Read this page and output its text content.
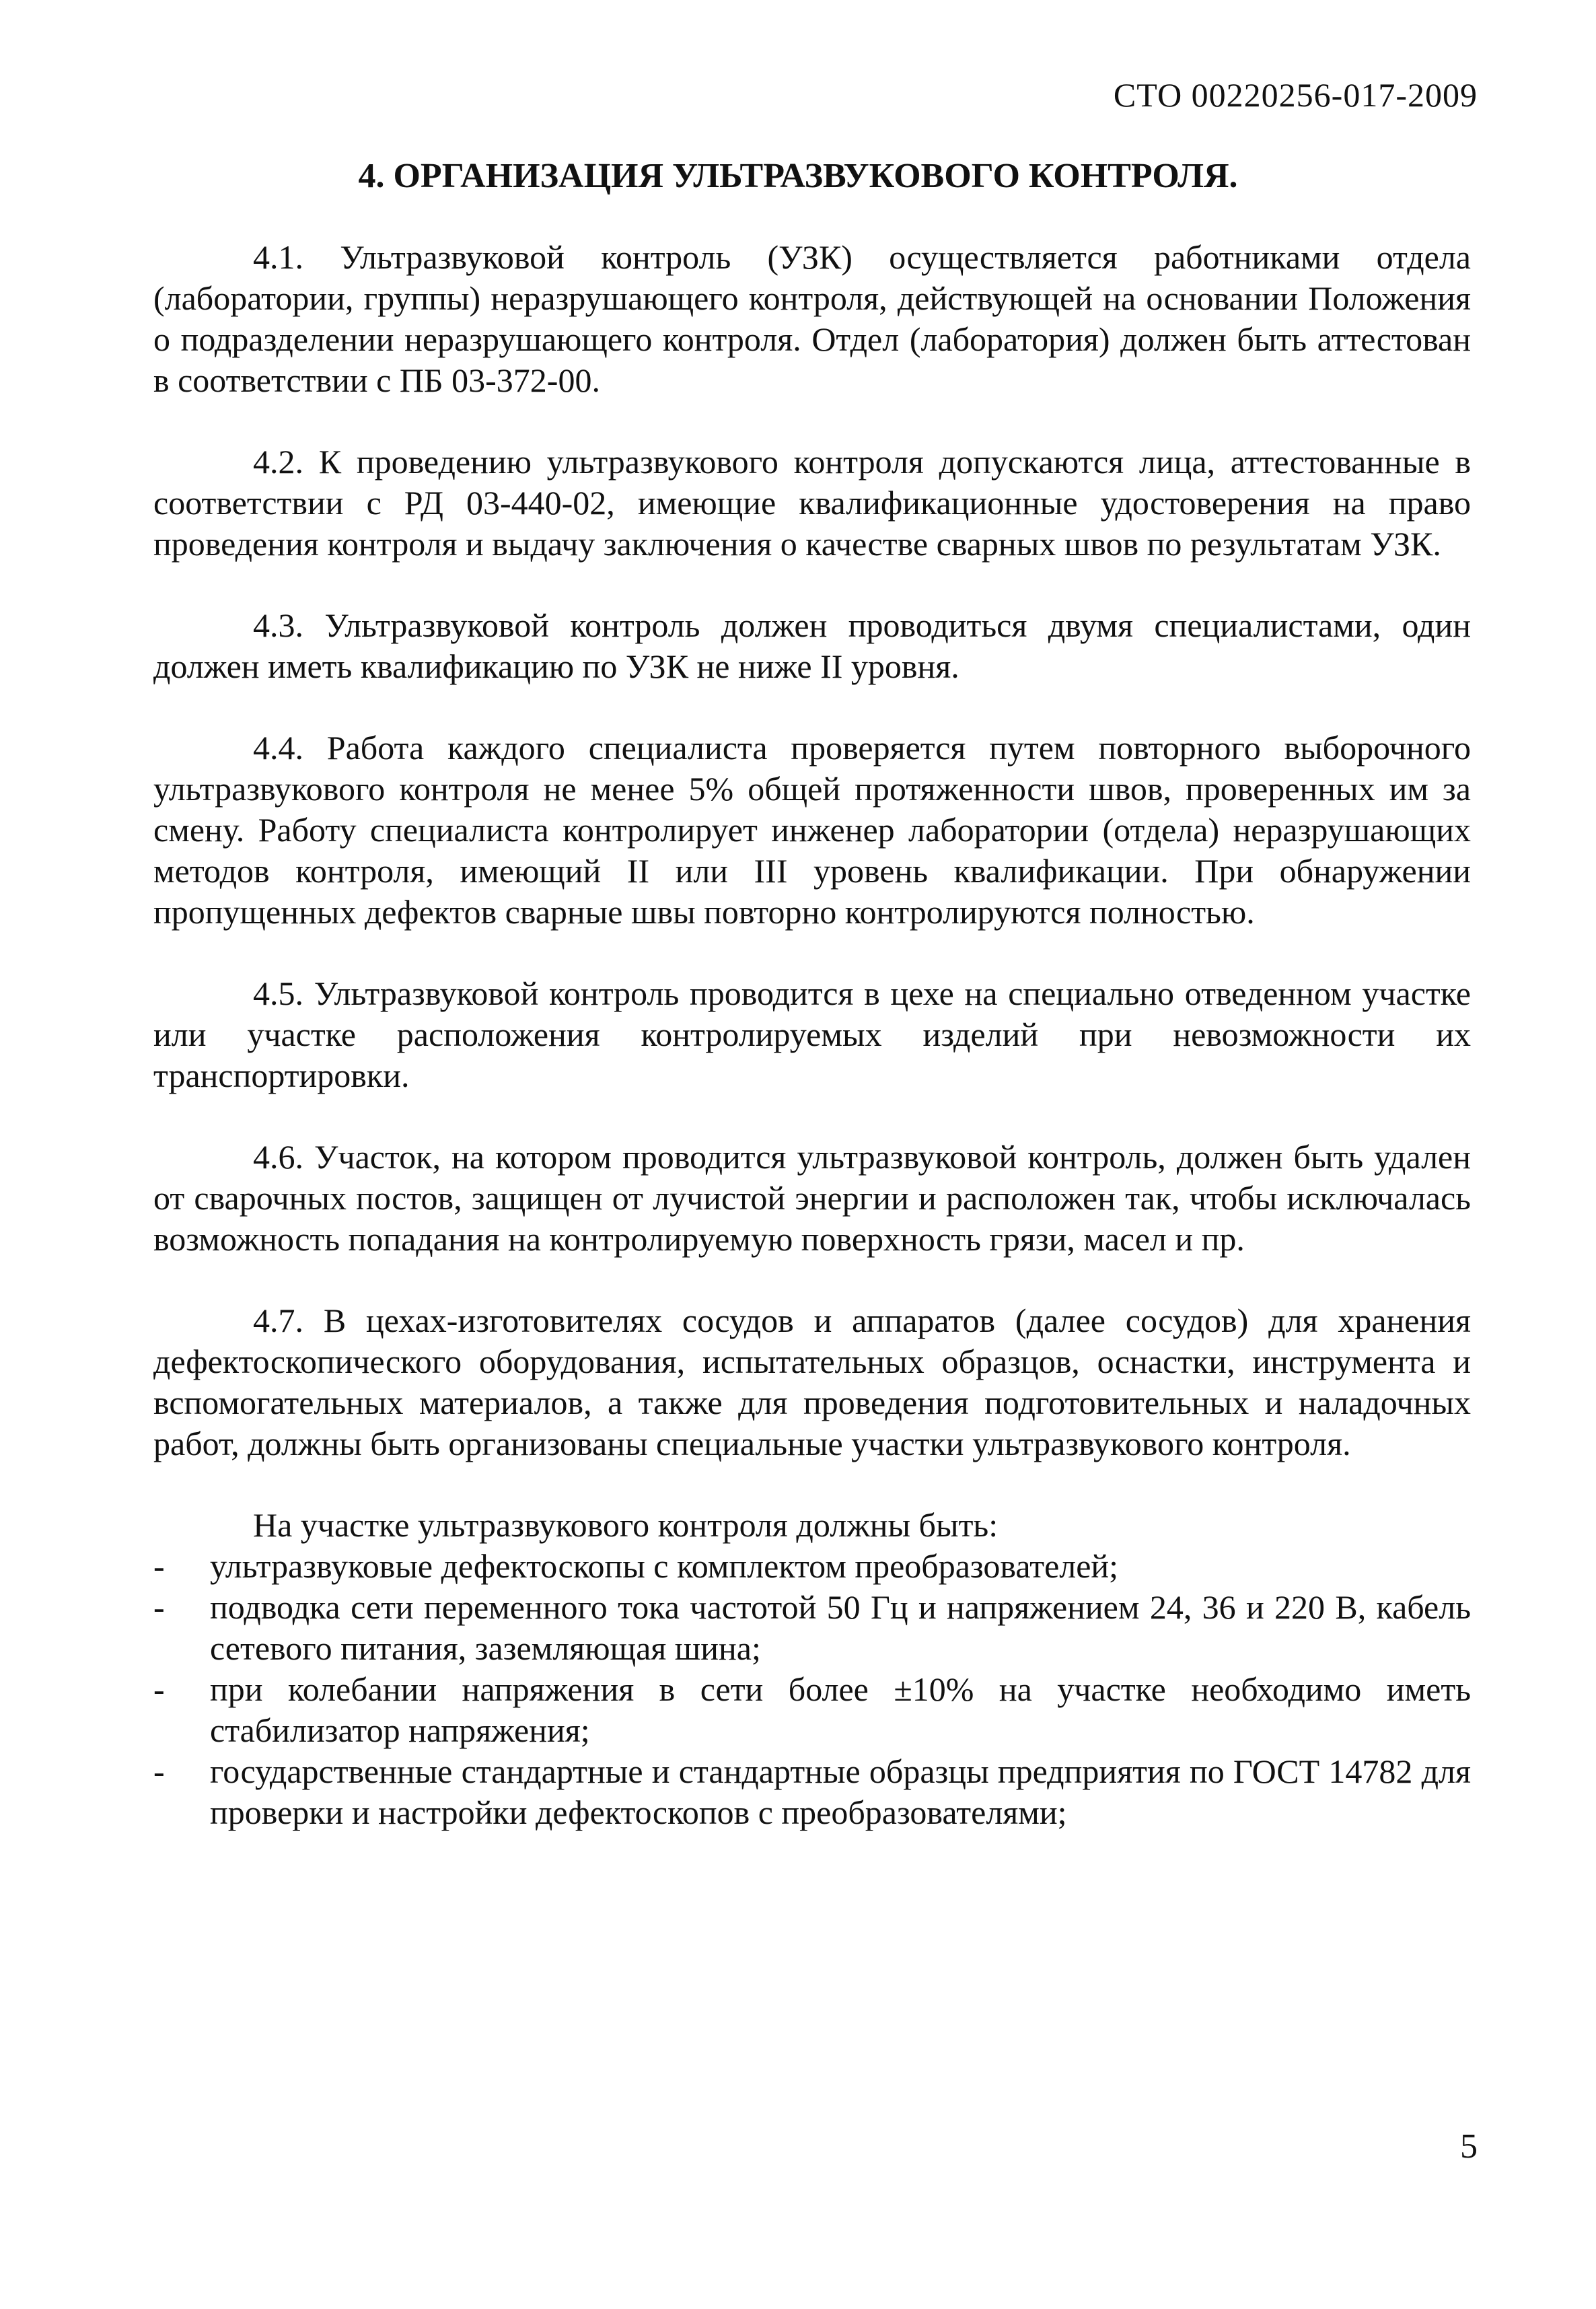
СТО 00220256-017-2009
4. ОРГАНИЗАЦИЯ УЛЬТРАЗВУКОВОГО КОНТРОЛЯ.

4.1. Ультразвуковой контроль (УЗК) осуществляется работниками отдела (лаборатории, группы) неразрушающего контроля, действующей на основании Положения о подразделении неразрушающего контроля. Отдел (лаборатория) должен быть аттестован в соответствии с ПБ 03-372-00.

4.2. К проведению ультразвукового контроля допускаются лица, аттестованные в соответствии с РД 03-440-02, имеющие квалификационные удостоверения на право проведения контроля и выдачу заключения о качестве сварных швов по результатам УЗК.

4.3. Ультразвуковой контроль должен проводиться двумя специалистами, один должен иметь квалификацию по УЗК не ниже II уровня.

4.4. Работа каждого специалиста проверяется путем повторного выборочного ультразвукового контроля не менее 5% общей протяженности швов, проверенных им за смену. Работу специалиста контролирует инженер лаборатории (отдела) неразрушающих методов контроля, имеющий II или III уровень квалификации. При обнаружении пропущенных дефектов сварные швы повторно контролируются полностью.

4.5. Ультразвуковой контроль проводится в цехе на специально отведенном участке или участке расположения контролируемых изделий при невозможности их транспортировки.

4.6. Участок, на котором проводится ультразвуковой контроль, должен быть удален от сварочных постов, защищен от лучистой энергии и расположен так, чтобы исключалась возможность попадания на контролируемую поверхность грязи, масел и пр.

4.7. В цехах-изготовителях сосудов и аппаратов (далее сосудов) для хранения дефектоскопического оборудования, испытательных образцов, оснастки, инструмента и вспомогательных материалов, а также для проведения подготовительных и наладочных работ, должны быть организованы специальные участки ультразвукового контроля.

На участке ультразвукового контроля должны быть:

- ультразвуковые дефектоскопы с комплектом преобразователей;
- подводка сети переменного тока частотой 50 Гц и напряжением 24, 36 и 220 В, кабель сетевого питания, заземляющая шина;
- при колебании напряжения в сети более ±10% на участке необходимо иметь стабилизатор напряжения;
- государственные стандартные и стандартные образцы предприятия по ГОСТ 14782 для проверки и настройки дефектоскопов с преобразователями;
5
